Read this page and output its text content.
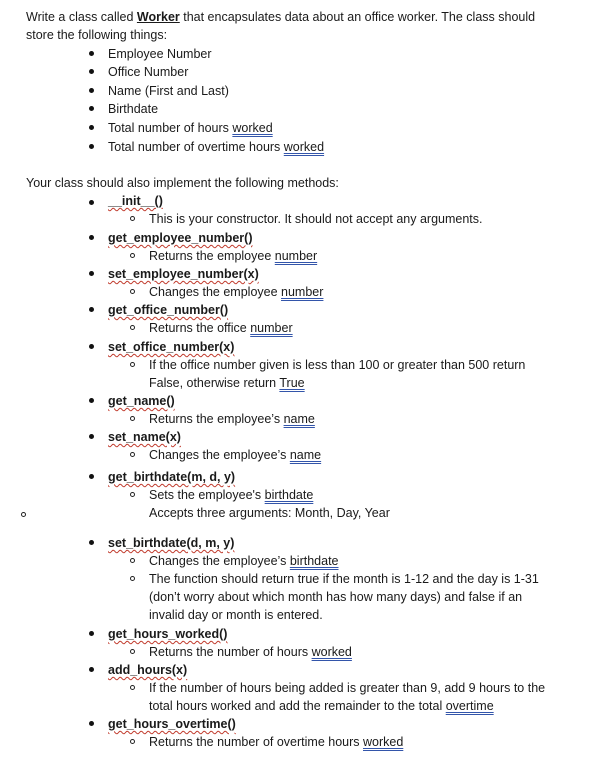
Write a class called Worker that encapsulates data about an office worker. The class should
store the following things:
Employee Number
Office Number
Name (First and Last)
Birthdate
Total number of hours worked
Total number of overtime hours worked
Your class should also implement the following methods:
__init__()
This is your constructor. It should not accept any arguments.
get_employee_number()
Returns the employee number
set_employee_number(x)
Changes the employee number
get_office_number()
Returns the office number
set_office_number(x)
If the office number given is less than 100 or greater than 500 return
False, otherwise return True
get_name()
Returns the employee’s name
set_name(x)
Changes the employee’s name
get_birthdate(m, d, y)
Sets the employee's birthdate
Accepts three arguments: Month, Day, Year
set_birthdate(d, m, y)
Changes the employee’s birthdate
The function should return true if the month is 1-12 and the day is 1-31
(don’t worry about which month has how many days) and false if an
invalid day or month is entered.
get_hours_worked()
Returns the number of hours worked
add_hours(x)
If the number of hours being added is greater than 9, add 9 hours to the
total hours worked and add the remainder to the total overtime
get_hours_overtime()
Returns the number of overtime hours worked
